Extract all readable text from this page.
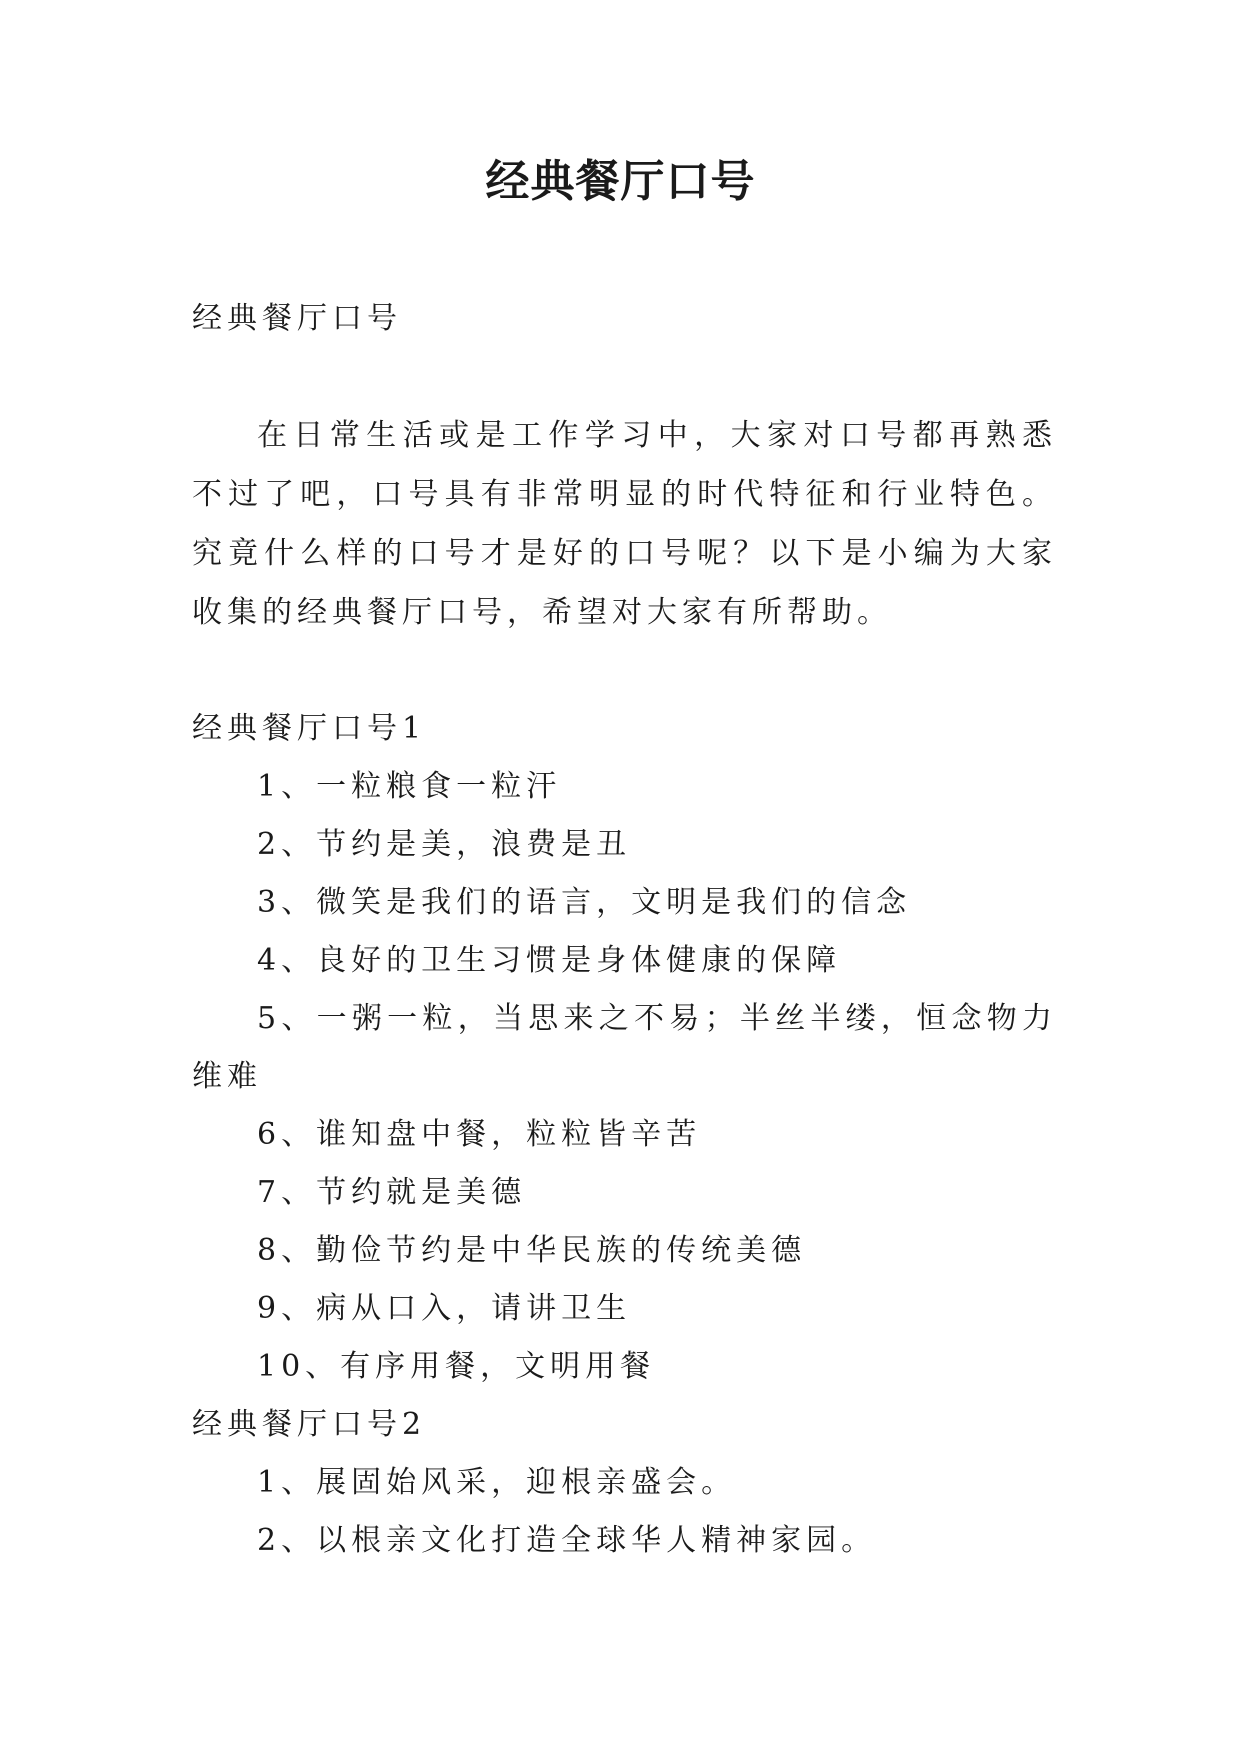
经典餐厅口号

经典餐厅口号

在日常生活或是工作学习中，大家对口号都再熟悉不过了吧，口号具有非常明显的时代特征和行业特色。究竟什么样的口号才是好的口号呢？以下是小编为大家收集的经典餐厅口号，希望对大家有所帮助。

经典餐厅口号1

1、一粒粮食一粒汗

2、节约是美，浪费是丑

3、微笑是我们的语言，文明是我们的信念

4、良好的卫生习惯是身体健康的保障

5、一粥一粒，当思来之不易；半丝半缕，恒念物力维难

6、谁知盘中餐，粒粒皆辛苦

7、节约就是美德

8、勤俭节约是中华民族的传统美德

9、病从口入，请讲卫生

10、有序用餐，文明用餐

经典餐厅口号2

1、展固始风采，迎根亲盛会。

2、以根亲文化打造全球华人精神家园。
